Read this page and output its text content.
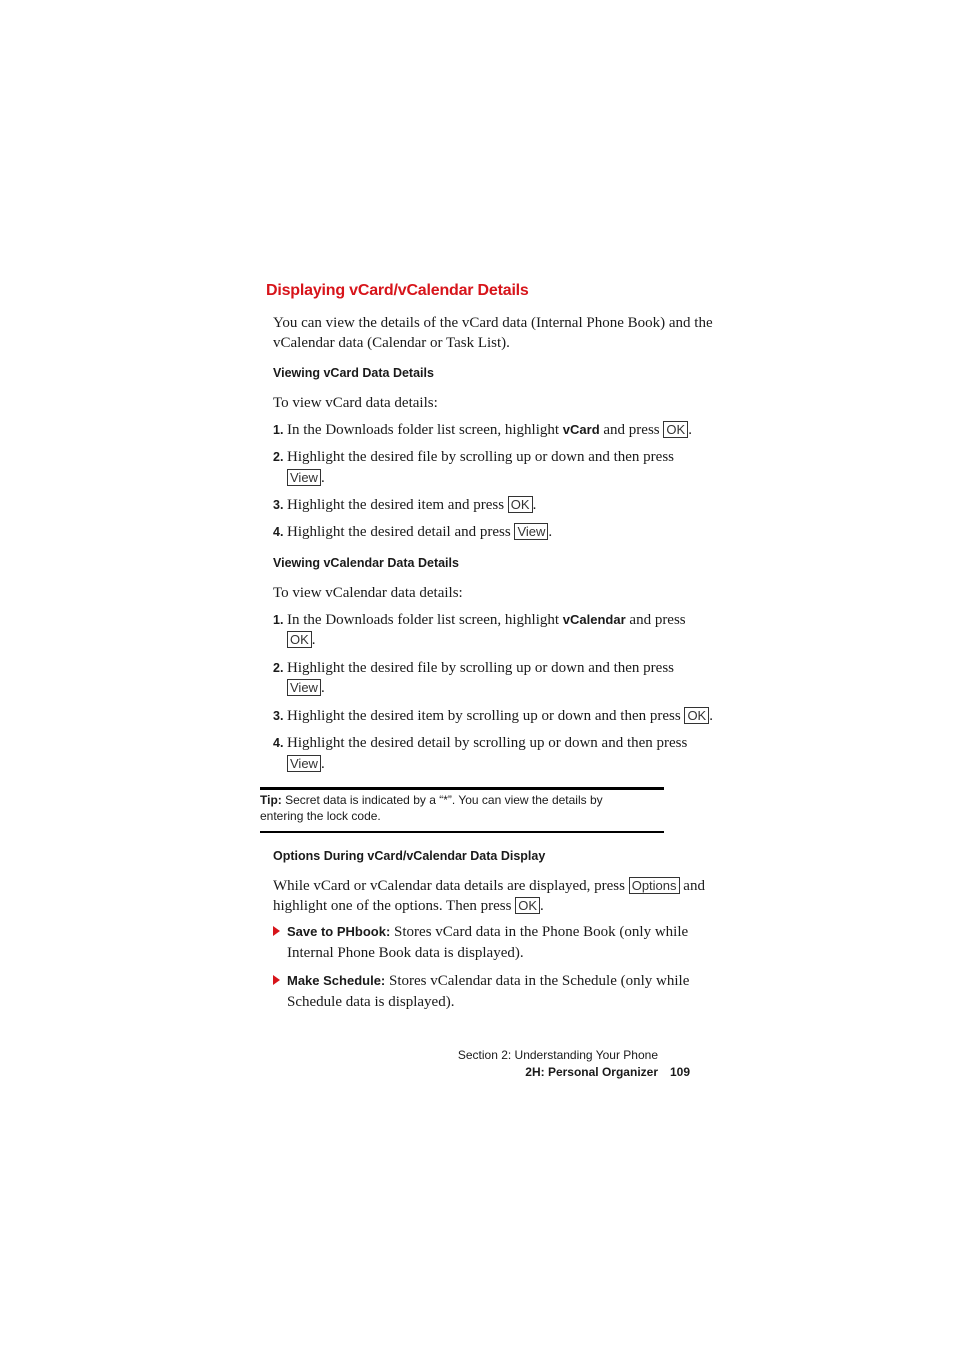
Displaying vCard/vCalendar Details
You can view the details of the vCard data (Internal Phone Book) and the
vCalendar data (Calendar or Task List).
Viewing vCard Data Details
To view vCard data details:
1. In the Downloads folder list screen, highlight vCard and press OK .
2. Highlight the desired file by scrolling up or down and then press
View .
3. Highlight the desired item and press OK .
4. Highlight the desired detail and press View .
Viewing vCalendar Data Details
To view vCalendar data details:
1. In the Downloads folder list screen, highlight vCalendar and press
OK .
2. Highlight the desired file by scrolling up or down and then press
View .
3. Highlight the desired item by scrolling up or down and then press OK .
4. Highlight the desired detail by scrolling up or down and then press
View .
Tip: Secret data is indicated by a “*”. You can view the details by
entering the lock code.
Options During vCard/vCalendar Data Display
While vCard or vCalendar data details are displayed, press Options and
highlight one of the options. Then press OK .
Save to PHbook: Stores vCard data in the Phone Book (only while
Internal Phone Book data is displayed).
Make Schedule: Stores vCalendar data in the Schedule (only while
Schedule data is displayed).
Section 2: Understanding Your Phone
2H: Personal Organizer 109
